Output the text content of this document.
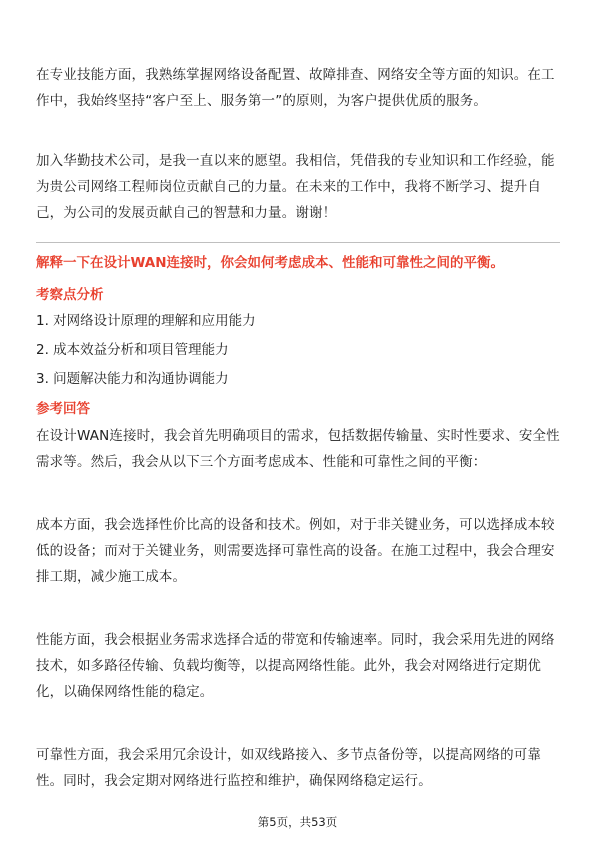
在专业技能方面，我熟练掌握网络设备配置、故障排查、网络安全等方面的知识。在工作中，我始终坚持“客户至上、服务第一”的原则，为客户提供优质的服务。

加入华勤技术公司，是我一直以来的愿望。我相信，凭借我的专业知识和工作经验，能为贵公司网络工程师岗位贡献自己的力量。在未来的工作中，我将不断学习、提升自己，为公司的发展贡献自己的智慧和力量。谢谢！

解释一下在设计WAN连接时，你会如何考虑成本、性能和可靠性之间的平衡。

考察点分析

1. 对网络设计原理的理解和应用能力

2. 成本效益分析和项目管理能力

3. 问题解决能力和沟通协调能力

参考回答

在设计WAN连接时，我会首先明确项目的需求，包括数据传输量、实时性要求、安全性需求等。然后，我会从以下三个方面考虑成本、性能和可靠性之间的平衡：

成本方面，我会选择性价比高的设备和技术。例如，对于非关键业务，可以选择成本较低的设备；而对于关键业务，则需要选择可靠性高的设备。在施工过程中，我会合理安排工期，减少施工成本。

性能方面，我会根据业务需求选择合适的带宽和传输速率。同时，我会采用先进的网络技术，如多路径传输、负载均衡等，以提高网络性能。此外，我会对网络进行定期优化，以确保网络性能的稳定。

可靠性方面，我会采用冗余设计，如双线路接入、多节点备份等，以提高网络的可靠性。同时，我会定期对网络进行监控和维护，确保网络稳定运行。

第5页，共53页
